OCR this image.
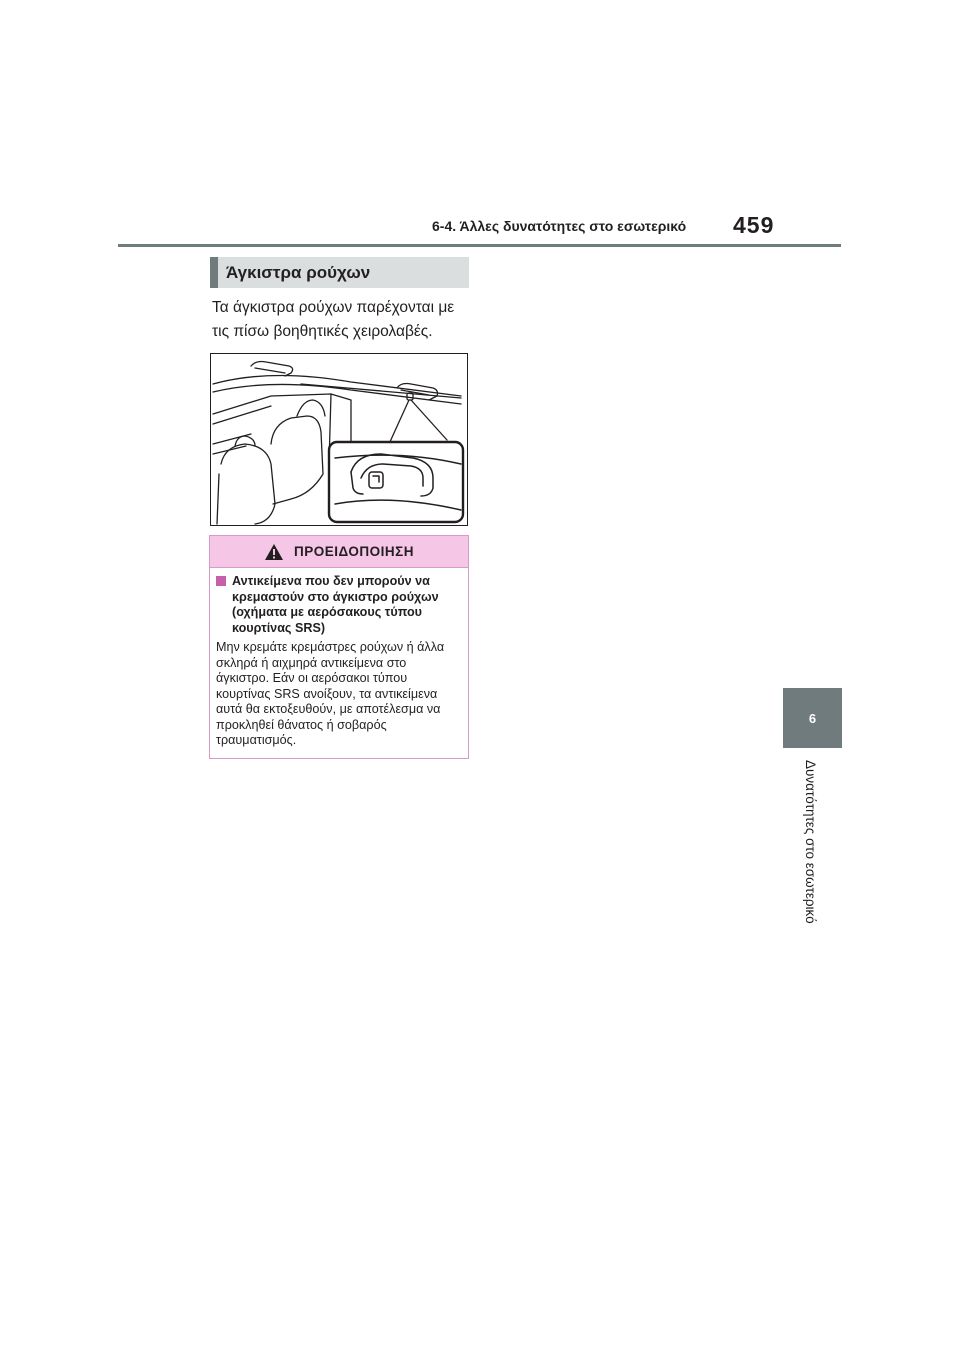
6-4. Άλλες δυνατότητες στο εσωτερικό 459
6
Δυνατότητες στο εσωτερικό
Άγκιστρα ρούχων

Τα άγκιστρα ρούχων παρέχονται με τις πίσω βοηθητικές χειρολαβές.

ΠΡΟΕΙΔΟΠΟΙΗΣΗ
Αντικείμενα που δεν μπορούν να κρεμαστούν στο άγκιστρο ρούχων (οχήματα με αερόσακους τύπου κουρτίνας SRS)

Μην κρεμάτε κρεμάστρες ρούχων ή άλλα σκληρά ή αιχμηρά αντικείμενα στο άγκιστρο. Εάν οι αερόσακοι τύπου κουρτίνας SRS ανοίξουν, τα αντικείμενα αυτά θα εκτοξευθούν, με αποτέλεσμα να προκληθεί θάνατος ή σοβαρός τραυματισμός.
